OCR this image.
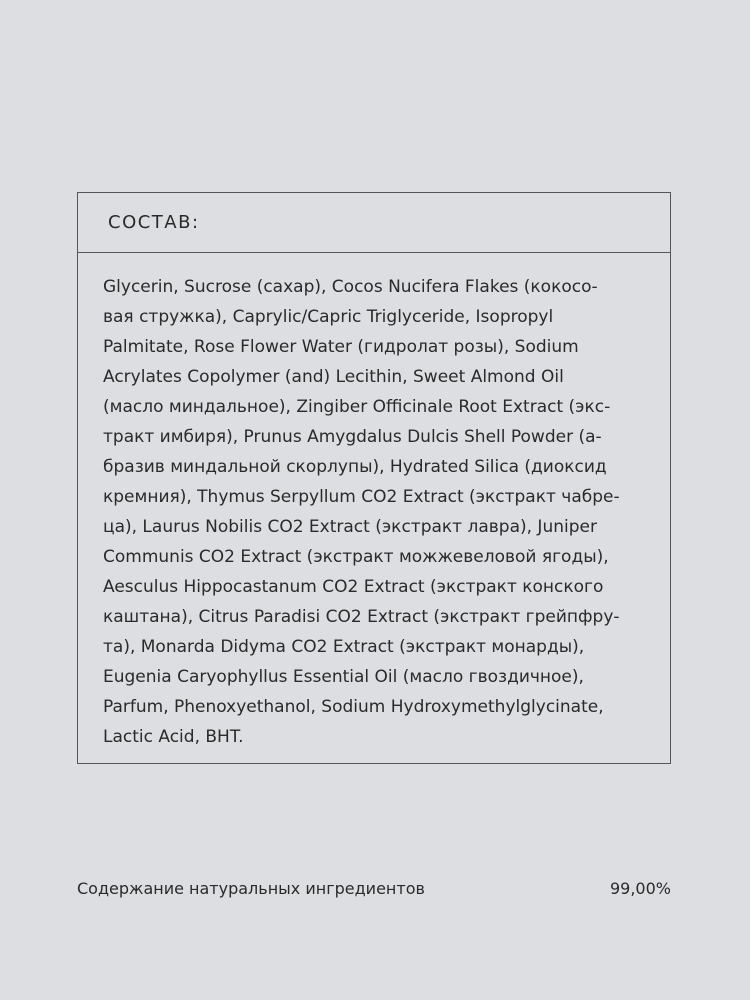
СОСТАВ:

Glycerin, Sucrose (сахар), Cocos Nucifera Flakes (кокосо-
вая стружка), Caprylic/Capric Triglyceride, Isopropyl
Palmitate, Rose Flower Water (гидролат розы), Sodium
Acrylates Copolymer (and) Lecithin, Sweet Almond Oil
(масло миндальное), Zingiber Officinale Root Extract (экс-
тракт имбиря), Prunus Amygdalus Dulcis Shell Powder (а-
бразив миндальной скорлупы), Hydrated Silica (диоксид
кремния), Thymus Serpyllum CO2 Extract (экстракт чабре-
ца), Laurus Nobilis CO2 Extract (экстракт лавра), Juniper
Communis CO2 Extract (экстракт можжевеловой ягоды),
Aesculus Hippocastanum CO2 Extract (экстракт конского
каштана), Citrus Paradisi CO2 Extract (экстракт грейпфру-
та), Monarda Didyma CO2 Extract (экстракт монарды),
Eugenia Caryophyllus Essential Oil (масло гвоздичное),
Parfum, Phenoxyethanol, Sodium Hydroxymethylglycinate,
Lactic Acid, BHT.

Содержание натуральных ингредиентов	99,00%
